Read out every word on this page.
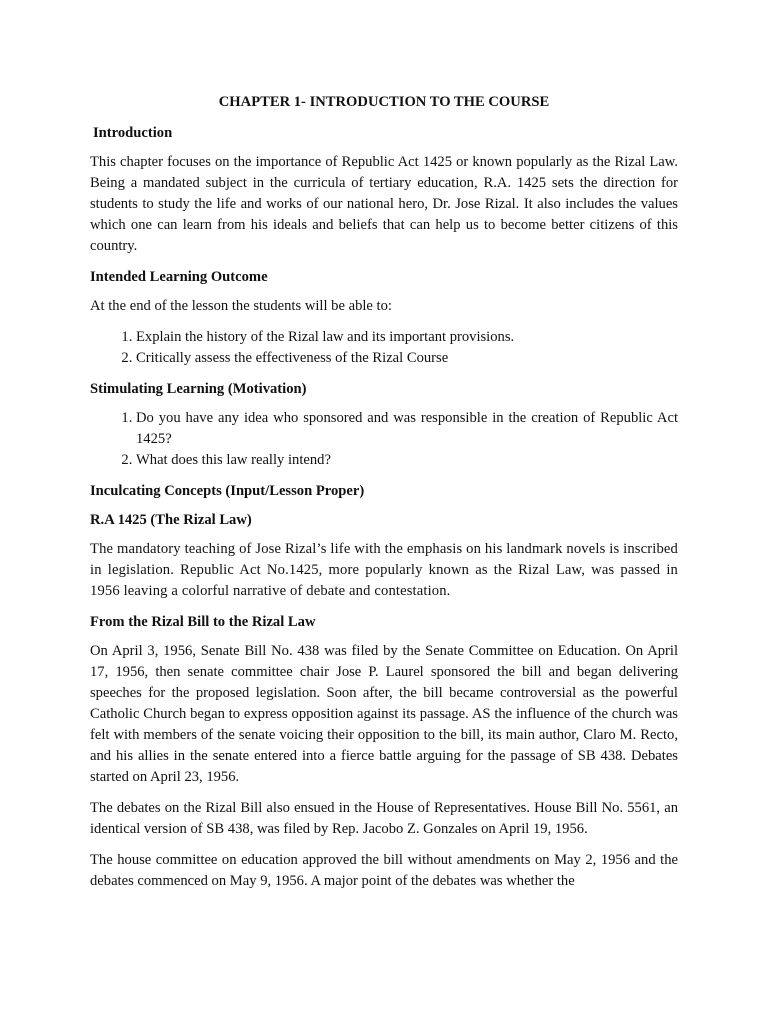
CHAPTER 1- INTRODUCTION TO THE COURSE
Introduction

This chapter focuses on the importance of Republic Act 1425 or known popularly as the Rizal Law. Being a mandated subject in the curricula of tertiary education, R.A. 1425 sets the direction for students to study the life and works of our national hero, Dr. Jose Rizal. It also includes the values which one can learn from his ideals and beliefs that can help us to become better citizens of this country.

Intended Learning Outcome

At the end of the lesson the students will be able to:

1. Explain the history of the Rizal law and its important provisions.
2. Critically assess the effectiveness of the Rizal Course
Stimulating Learning (Motivation)
1. Do you have any idea who sponsored and was responsible in the creation of Republic Act 1425?
2. What does this law really intend?
Inculcating Concepts (Input/Lesson Proper)
R.A 1425 (The Rizal Law)

The mandatory teaching of Jose Rizal’s life with the emphasis on his landmark novels is inscribed in legislation. Republic Act No.1425, more popularly known as the Rizal Law, was passed in 1956 leaving a colorful narrative of debate and contestation.

From the Rizal Bill to the Rizal Law

On April 3, 1956, Senate Bill No. 438 was filed by the Senate Committee on Education. On April 17, 1956, then senate committee chair Jose P. Laurel sponsored the bill and began delivering speeches for the proposed legislation. Soon after, the bill became controversial as the powerful Catholic Church began to express opposition against its passage. AS the influence of the church was felt with members of the senate voicing their opposition to the bill, its main author, Claro M. Recto, and his allies in the senate entered into a fierce battle arguing for the passage of SB 438. Debates started on April 23, 1956.

The debates on the Rizal Bill also ensued in the House of Representatives. House Bill No. 5561, an identical version of SB 438, was filed by Rep. Jacobo Z. Gonzales on April 19, 1956.

The house committee on education approved the bill without amendments on May 2, 1956 and the debates commenced on May 9, 1956. A major point of the debates was whether the
